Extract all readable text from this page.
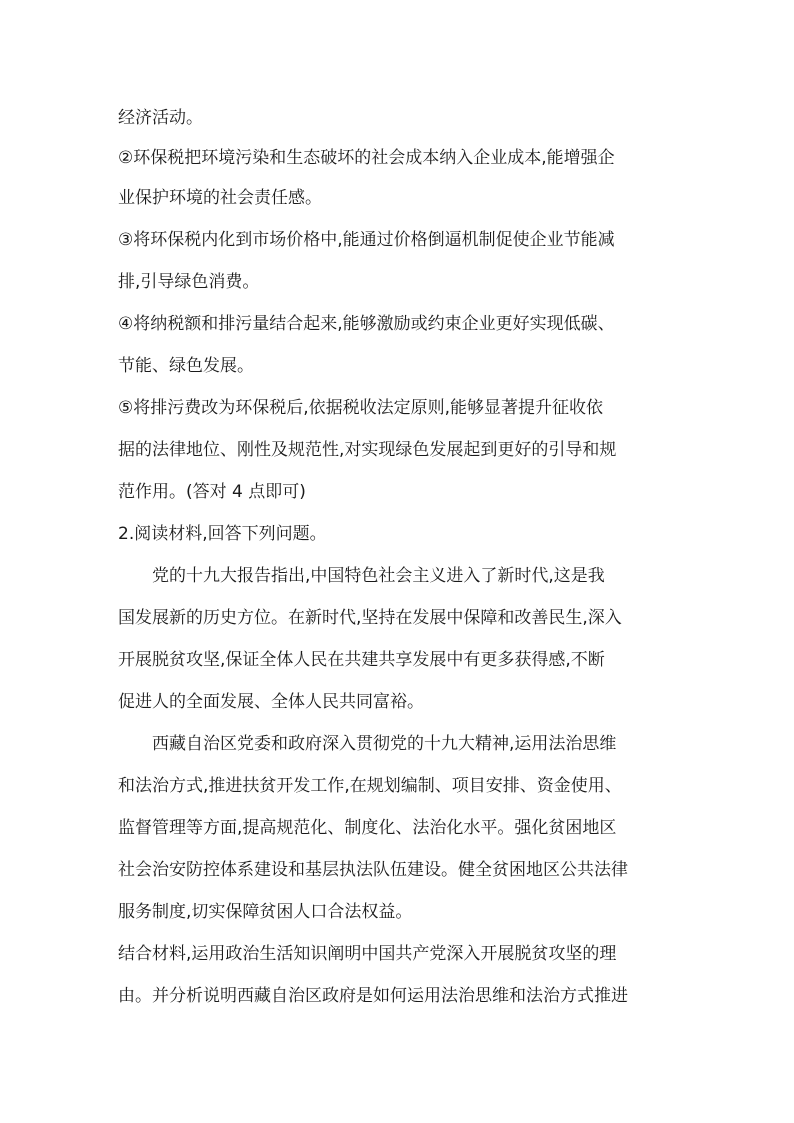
经济活动。
②环保税把环境污染和生态破坏的社会成本纳入企业成本,能增强企
业保护环境的社会责任感。
③将环保税内化到市场价格中,能通过价格倒逼机制促使企业节能减
排,引导绿色消费。
④将纳税额和排污量结合起来,能够激励或约束企业更好实现低碳、
节能、绿色发展。
⑤将排污费改为环保税后,依据税收法定原则,能够显著提升征收依
据的法律地位、刚性及规范性,对实现绿色发展起到更好的引导和规
范作用。(答对 4 点即可)
2.阅读材料,回答下列问题。
党的十九大报告指出,中国特色社会主义进入了新时代,这是我
国发展新的历史方位。在新时代,坚持在发展中保障和改善民生,深入
开展脱贫攻坚,保证全体人民在共建共享发展中有更多获得感,不断
促进人的全面发展、全体人民共同富裕。
西藏自治区党委和政府深入贯彻党的十九大精神,运用法治思维
和法治方式,推进扶贫开发工作,在规划编制、项目安排、资金使用、
监督管理等方面,提高规范化、制度化、法治化水平。强化贫困地区
社会治安防控体系建设和基层执法队伍建设。健全贫困地区公共法律
服务制度,切实保障贫困人口合法权益。
结合材料,运用政治生活知识阐明中国共产党深入开展脱贫攻坚的理
由。并分析说明西藏自治区政府是如何运用法治思维和法治方式推进
